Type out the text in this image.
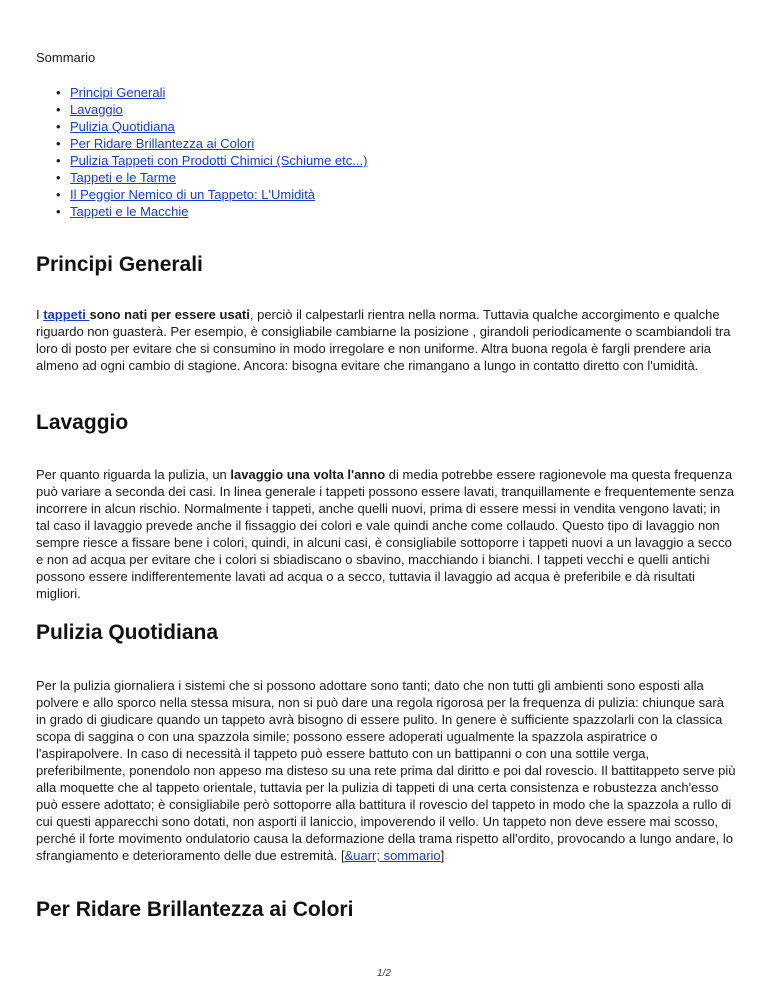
Sommario

• Principi Generali
• Lavaggio
• Pulizia Quotidiana
• Per Ridare Brillantezza ai Colori
• Pulizia Tappeti con Prodotti Chimici (Schiume etc...)
• Tappeti e le Tarme
• Il Peggior Nemico di un Tappeto: L'Umidità
• Tappeti e le Macchie
Principi Generali

I tappeti sono nati per essere usati, perciò il calpestarli rientra nella norma. Tuttavia qualche accorgimento e qualche riguardo non guasterà. Per esempio, è consigliabile cambiarne la posizione , girandoli periodicamente o scambiandoli tra loro di posto per evitare che si consumino in modo irregolare e non uniforme. Altra buona regola è fargli prendere aria almeno ad ogni cambio di stagione. Ancora: bisogna evitare che rimangano a lungo in contatto diretto con l'umidità.

Lavaggio

Per quanto riguarda la pulizia, un lavaggio una volta l'anno di media potrebbe essere ragionevole ma questa frequenza può variare a seconda dei casi. In linea generale i tappeti possono essere lavati, tranquillamente e frequentemente senza incorrere in alcun rischio. Normalmente i tappeti, anche quelli nuovi, prima di essere messi in vendita vengono lavati; in tal caso il lavaggio prevede anche il fissaggio dei colori e vale quindi anche come collaudo. Questo tipo di lavaggio non sempre riesce a fissare bene i colori, quindi, in alcuni casi, è consigliabile sottoporre i tappeti nuovi a un lavaggio a secco e non ad acqua per evitare che i colori si sbiadiscano o sbavino, macchiando i bianchi. I tappeti vecchi e quelli antichi possono essere indifferentemente lavati ad acqua o a secco, tuttavia il lavaggio ad acqua è preferibile e dà risultati migliori.

Pulizia Quotidiana

Per la pulizia giornaliera i sistemi che si possono adottare sono tanti; dato che non tutti gli ambienti sono esposti alla polvere e allo sporco nella stessa misura, non si può dare una regola rigorosa per la frequenza di pulizia: chiunque sarà in grado di giudicare quando un tappeto avrà bisogno di essere pulito. In genere è sufficiente spazzolarli con la classica scopa di saggina o con una spazzola simile; possono essere adoperati ugualmente la spazzola aspiratrice o l'aspirapolvere. In caso di necessità il tappeto può essere battuto con un battipanni o con una sottile verga, preferibilmente, ponendolo non appeso ma disteso su una rete prima dal diritto e poi dal rovescio. Il battitappeto serve più alla moquette che al tappeto orientale, tuttavia per la pulizia di tappeti di una certa consistenza e robustezza anch'esso può essere adottato; è consigliabile però sottoporre alla battitura il rovescio del tappeto in modo che la spazzola a rullo di cui questi apparecchi sono dotati, non asporti il laniccio, impoverendo il vello. Un tappeto non deve essere mai scosso, perché il forte movimento ondulatorio causa la deformazione della trama rispetto all'ordito, provocando a lungo andare, lo sfrangiamento e deterioramento delle due estremità. [&uarr; sommario]

Per Ridare Brillantezza ai Colori
1/2
